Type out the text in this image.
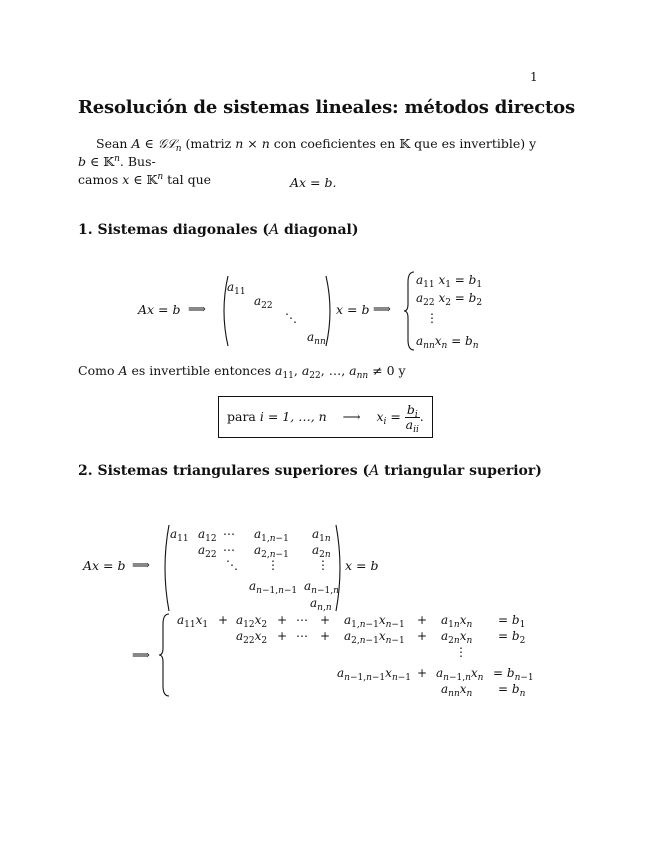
1
Resolución de sistemas lineales: métodos directos
Sean A ∈ 𝒢ℒ$_n$ (matriz n × n con coeficientes en 𝕂 que es invertible) y b ∈ 𝕂$^n$. Bus-
camos x ∈ 𝕂$^n$ tal que	Ax = b.
1. Sistemas diagonales (A diagonal)
Ax = b ⟹
$a_{11}$
$a_{22}$
⋱
$a_{nn}$
x = b ⟹
$a_{11}$ $x_1 = b_1$
$a_{22}$ $x_2 = b_2$
⋮
$a_{nn}x_n = b_n$
Como A es invertible entonces $a_{11}$, $a_{22}$, …, $a_{nn} \ne 0$ y
para i = 1, …, n ⟶ $x_i = \frac{b_i}{a_{ii}}$ .
2. Sistemas triangulares superiores (A triangular superior)
Ax = b ⟹
$a_{11}$ $a_{12}$ ⋯ $a_{1,n-1}$ $a_{1n}$
$a_{22}$ ⋯ $a_{2,n-1}$ $a_{2n}$
⋱ ⋮	⋮
$a_{n-1,n-1}$ $a_{n-1,n}$
$a_{n,n}$
x = b
⟹
$a_{11}x_1 + a_{12}x_2$ + ⋯ + $a_{1,n-1}x_{n-1} + a_{1n}x_n = b_1$
$a_{22}x_2$ + ⋯ + $a_{2,n-1}x_{n-1} + a_{2n}x_n = b_2$
⋮
$a_{n-1,n-1}x_{n-1} + a_{n-1,n}x_n = b_{n-1}$
$a_{nn}x_n = b_n$
